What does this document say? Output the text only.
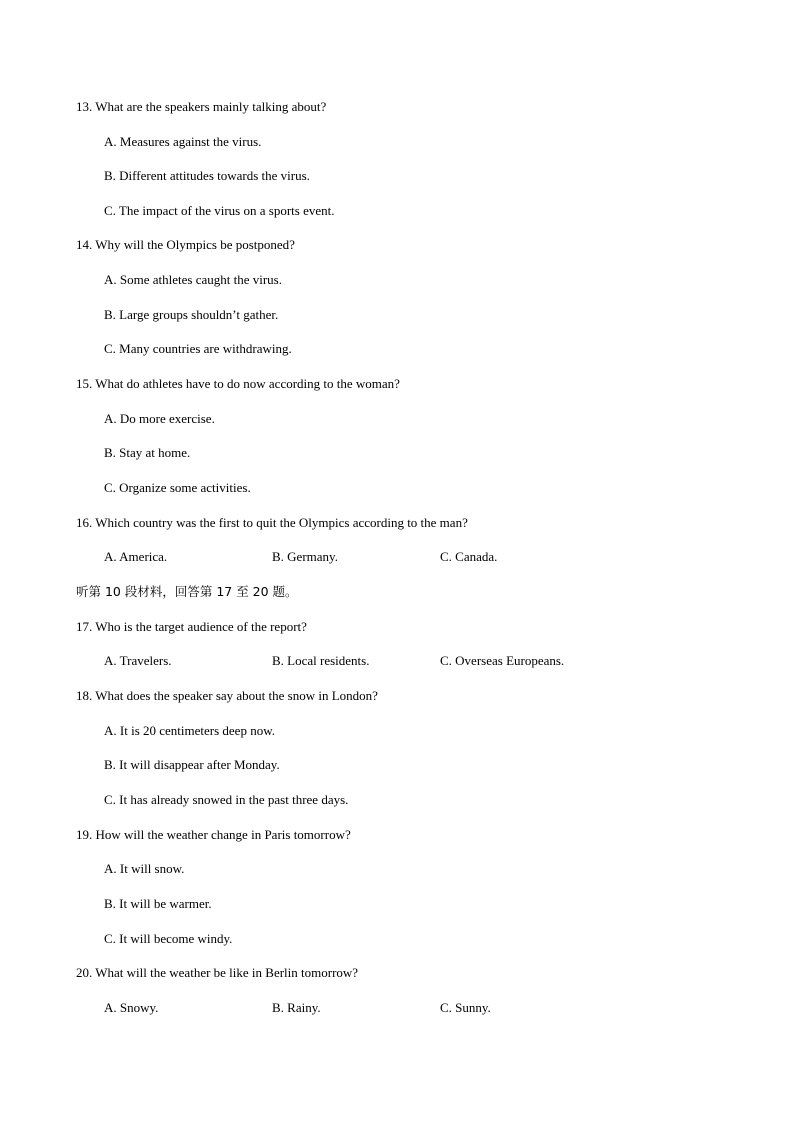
13. What are the speakers mainly talking about?
A. Measures against the virus.
B. Different attitudes towards the virus.
C. The impact of the virus on a sports event.
14. Why will the Olympics be postponed?
A. Some athletes caught the virus.
B. Large groups shouldn’t gather.
C. Many countries are withdrawing.
15. What do athletes have to do now according to the woman?
A. Do more exercise.
B. Stay at home.
C. Organize some activities.
16. Which country was the first to quit the Olympics according to the man?
A. America.	B. Germany.	C. Canada.
听第 10 段材料，回答第 17 至 20 题。
17. Who is the target audience of the report?
A. Travelers.	B. Local residents.	C. Overseas Europeans.
18. What does the speaker say about the snow in London?
A. It is 20 centimeters deep now.
B. It will disappear after Monday.
C. It has already snowed in the past three days.
19. How will the weather change in Paris tomorrow?
A. It will snow.
B. It will be warmer.
C. It will become windy.
20. What will the weather be like in Berlin tomorrow?
A. Snowy.	B. Rainy.	C. Sunny.
